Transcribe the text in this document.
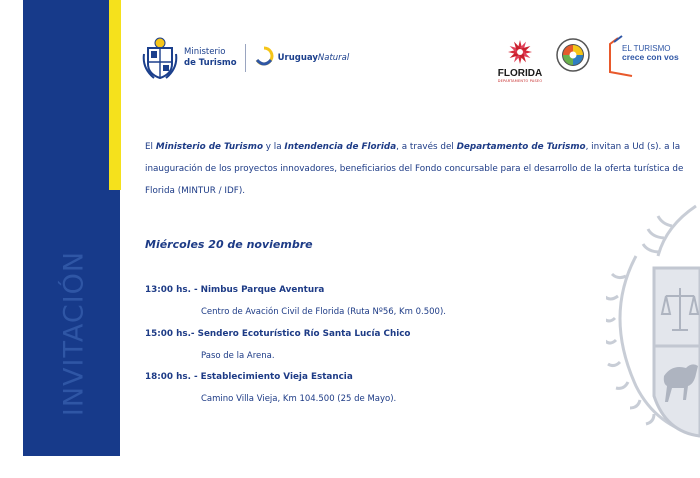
INVITACIÓN
Ministerio
de Turismo	UruguayNatural
FLORIDA
DEPARTAMENTO PASEO
EL TURISMO
crece con vos
El Ministerio de Turismo y la Intendencia de Florida, a través del Departamento de Turismo, invitan a Ud (s). a la inauguración de los proyectos innovadores, beneficiarios del Fondo concursable para el desarrollo de la oferta turística de Florida (MINTUR / IDF).
Miércoles 20 de noviembre
13:00 hs. - Nimbus Parque Aventura
Centro de Avación Civil de Florida (Ruta Nº56, Km 0.500).
15:00 hs.- Sendero Ecoturístico Río Santa Lucía Chico
Paso de la Arena.
18:00 hs. - Establecimiento Vieja Estancia
Camino Villa Vieja, Km 104.500 (25 de Mayo).
